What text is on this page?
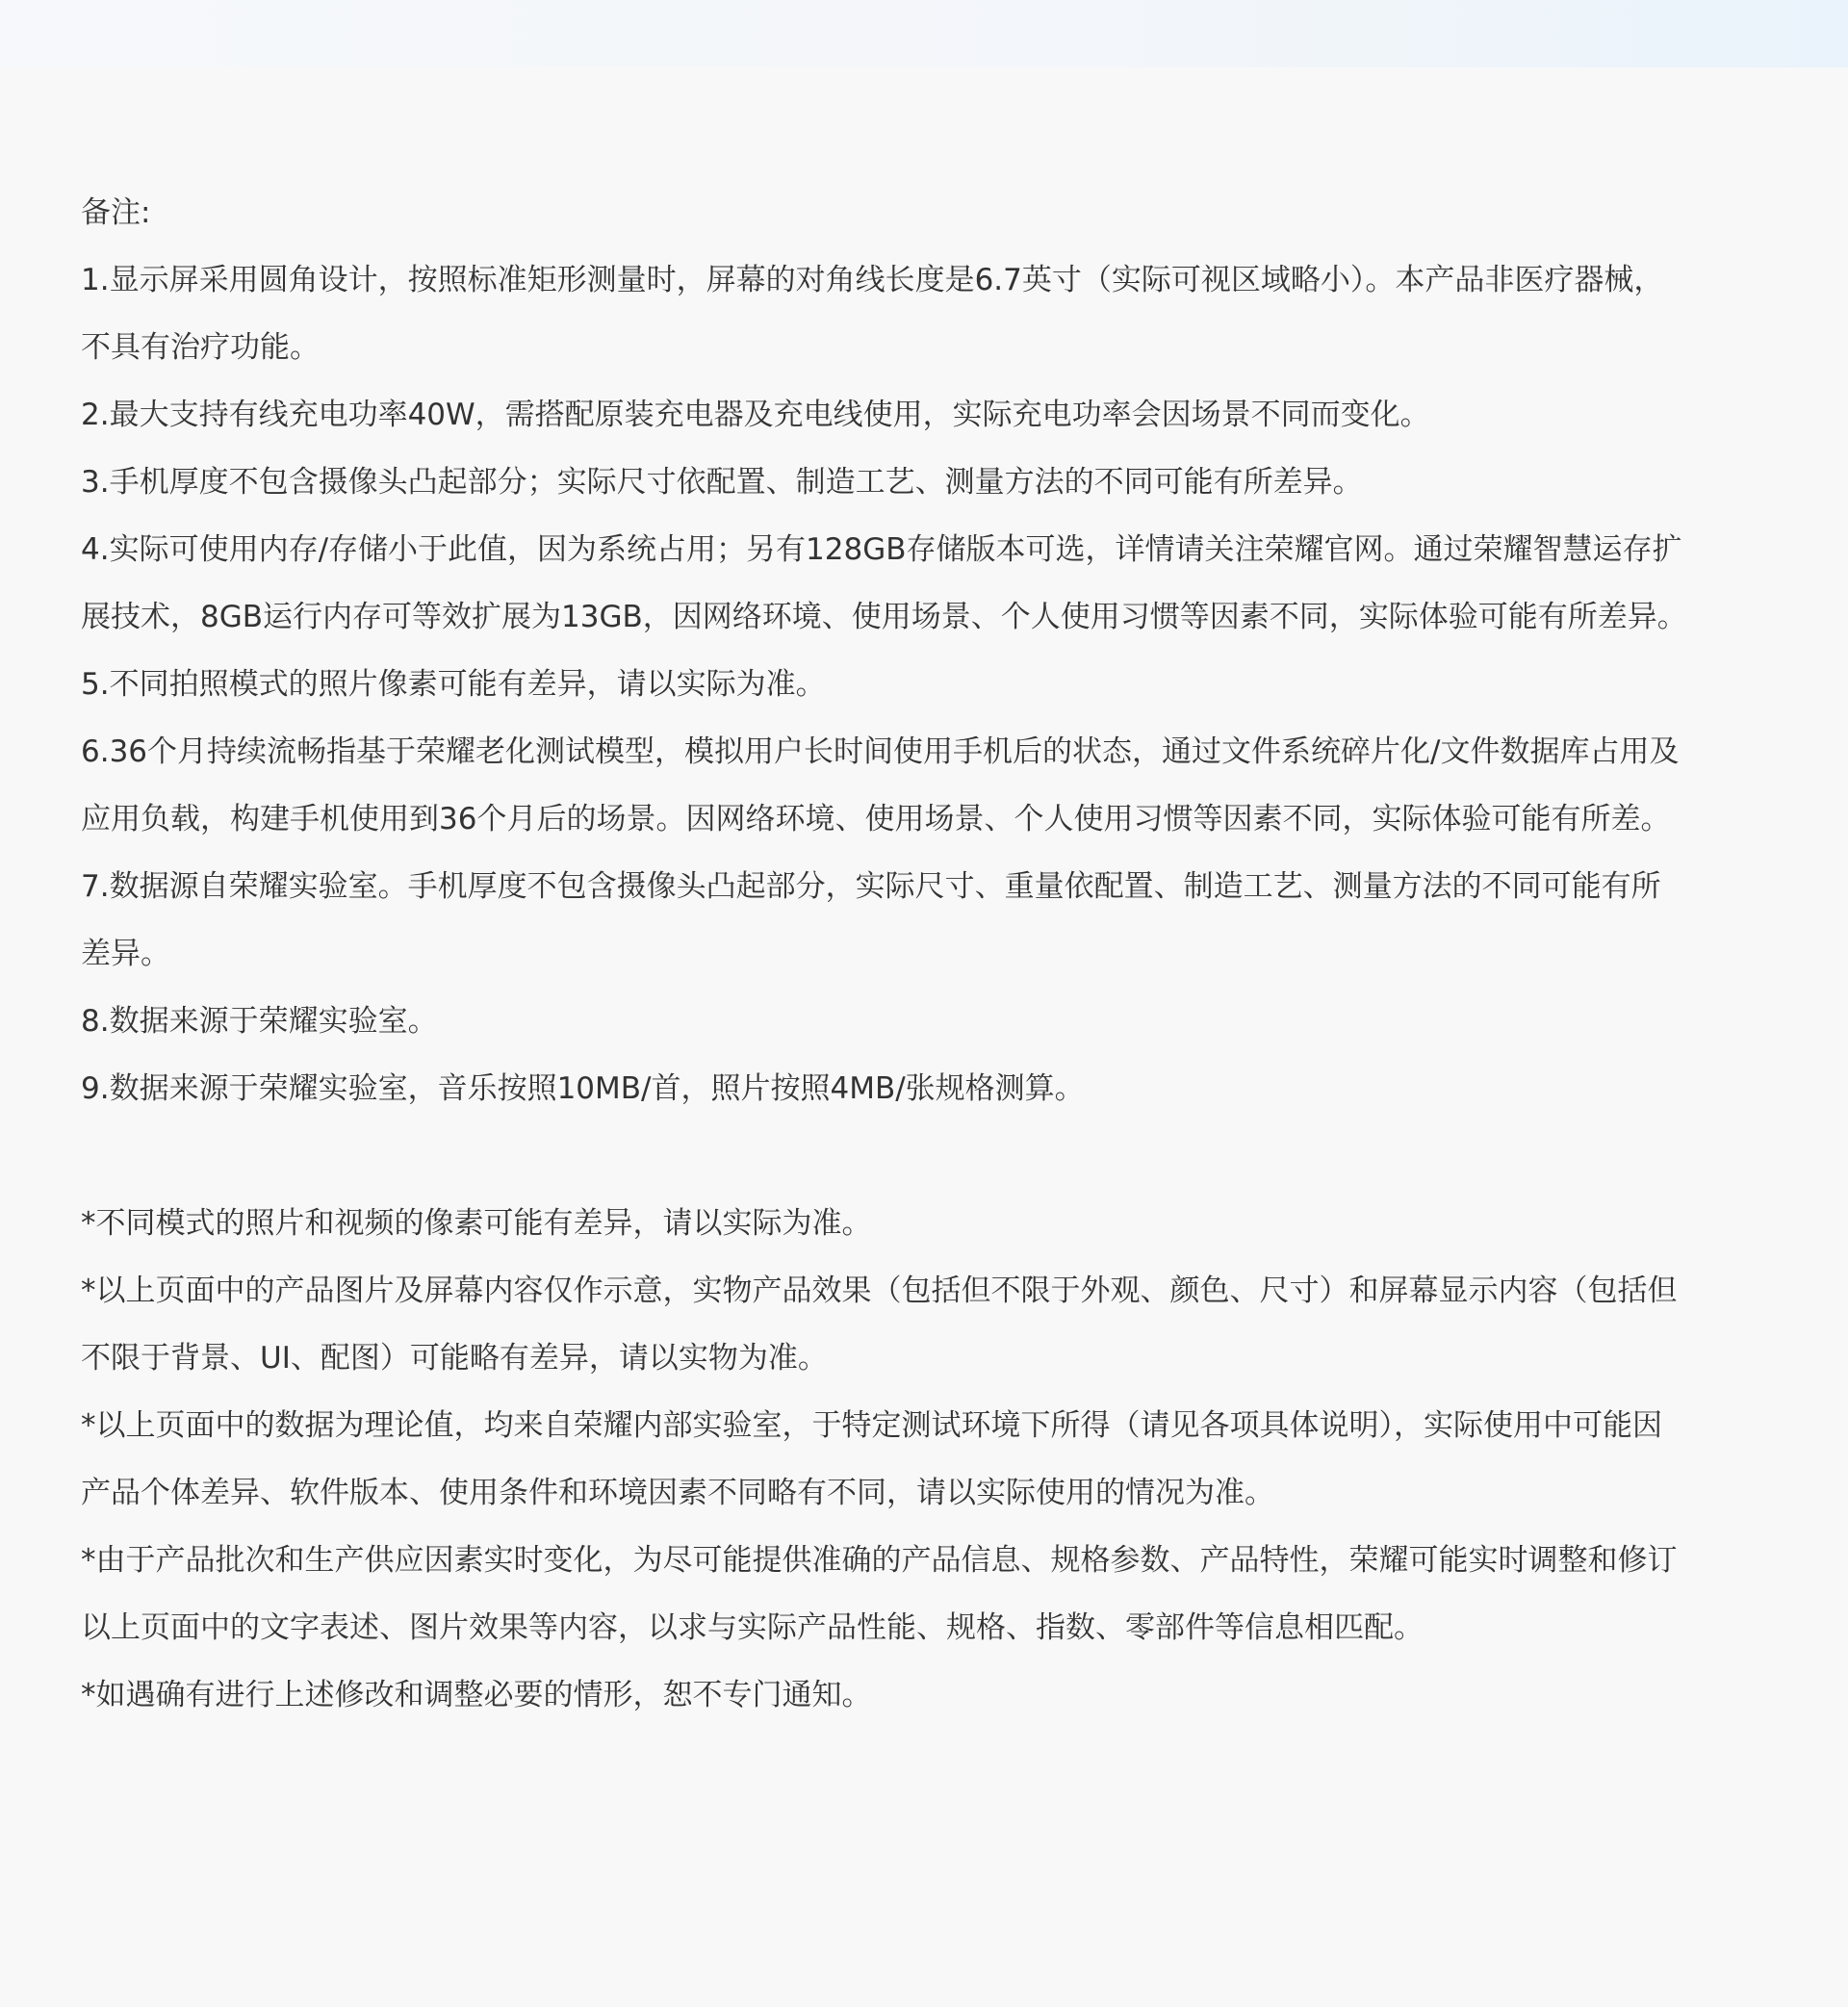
备注:

1.显示屏采用圆角设计，按照标准矩形测量时，屏幕的对角线长度是6.7英寸（实际可视区域略小）。本产品非医疗器械，

不具有治疗功能。

2.最大支持有线充电功率40W，需搭配原装充电器及充电线使用，实际充电功率会因场景不同而变化。

3.手机厚度不包含摄像头凸起部分；实际尺寸依配置、制造工艺、测量方法的不同可能有所差异。

4.实际可使用内存/存储小于此值，因为系统占用；另有128GB存储版本可选，详情请关注荣耀官网。通过荣耀智慧运存扩

展技术，8GB运行内存可等效扩展为13GB，因网络环境、使用场景、个人使用习惯等因素不同，实际体验可能有所差异。

5.不同拍照模式的照片像素可能有差异，请以实际为准。

6.36个月持续流畅指基于荣耀老化测试模型，模拟用户长时间使用手机后的状态，通过文件系统碎片化/文件数据库占用及

应用负载，构建手机使用到36个月后的场景。因网络环境、使用场景、个人使用习惯等因素不同，实际体验可能有所差。

7.数据源自荣耀实验室。手机厚度不包含摄像头凸起部分，实际尺寸、重量依配置、制造工艺、测量方法的不同可能有所

差异。

8.数据来源于荣耀实验室。

9.数据来源于荣耀实验室，音乐按照10MB/首，照片按照4MB/张规格测算。

*不同模式的照片和视频的像素可能有差异，请以实际为准。

*以上页面中的产品图片及屏幕内容仅作示意，实物产品效果（包括但不限于外观、颜色、尺寸）和屏幕显示内容（包括但

不限于背景、UI、配图）可能略有差异，请以实物为准。

*以上页面中的数据为理论值，均来自荣耀内部实验室，于特定测试环境下所得（请见各项具体说明），实际使用中可能因

产品个体差异、软件版本、使用条件和环境因素不同略有不同，请以实际使用的情况为准。

*由于产品批次和生产供应因素实时变化，为尽可能提供准确的产品信息、规格参数、产品特性，荣耀可能实时调整和修订

以上页面中的文字表述、图片效果等内容，以求与实际产品性能、规格、指数、零部件等信息相匹配。

*如遇确有进行上述修改和调整必要的情形，恕不专门通知。
